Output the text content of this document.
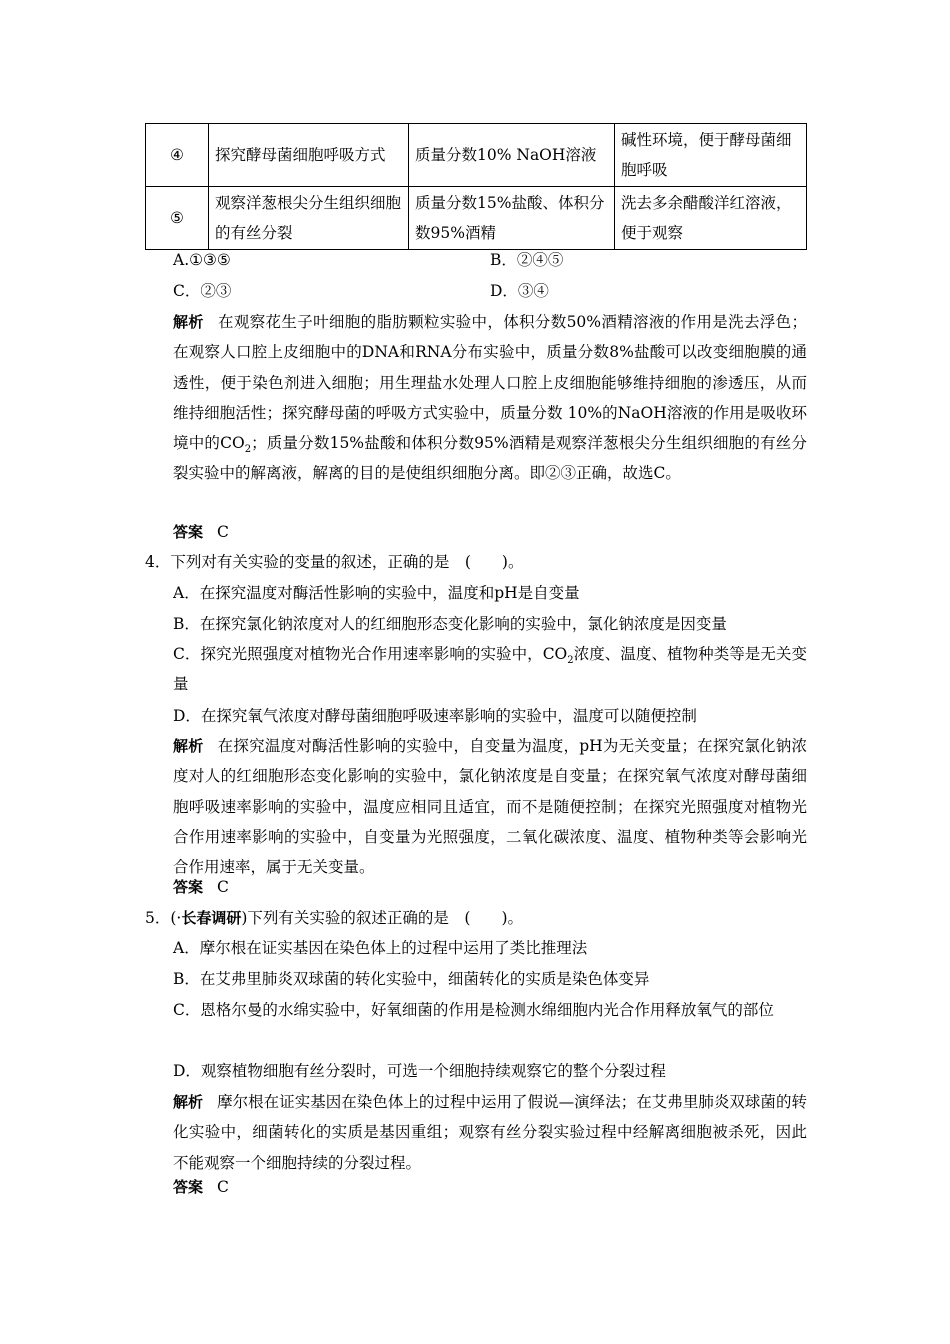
④	探究酵母菌细胞呼吸方式	质量分数10% NaOH溶液	碱性环境，便于酵母菌细胞呼吸
⑤	观察洋葱根尖分生组织细胞的有丝分裂	质量分数15%盐酸、体积分数95%酒精	洗去多余醋酸洋红溶液，便于观察
A.①③⑤	B．②④⑤
C．②③	D．③④
解析 在观察花生子叶细胞的脂肪颗粒实验中，体积分数50%酒精溶液的作用是洗去浮色；在观察人口腔上皮细胞中的DNA和RNA分布实验中，质量分数8%盐酸可以改变细胞膜的通透性，便于染色剂进入细胞；用生理盐水处理人口腔上皮细胞能够维持细胞的渗透压，从而维持细胞活性；探究酵母菌的呼吸方式实验中，质量分数 10%的NaOH溶液的作用是吸收环境中的$CO_2$；质量分数15%盐酸和体积分数95%酒精是观察洋葱根尖分生组织细胞的有丝分裂实验中的解离液，解离的目的是使组织细胞分离。即②③正确，故选C。
答案 C
4．下列对有关实验的变量的叙述，正确的是　(　　)。
A．在探究温度对酶活性影响的实验中，温度和pH是自变量
B．在探究氯化钠浓度对人的红细胞形态变化影响的实验中，氯化钠浓度是因变量
C．探究光照强度对植物光合作用速率影响的实验中，$CO_2$浓度、温度、植物种类等是无关变量
D．在探究氧气浓度对酵母菌细胞呼吸速率影响的实验中，温度可以随便控制
解析 在探究温度对酶活性影响的实验中，自变量为温度，pH为无关变量；在探究氯化钠浓度对人的红细胞形态变化影响的实验中，氯化钠浓度是自变量；在探究氧气浓度对酵母菌细胞呼吸速率影响的实验中，温度应相同且适宜，而不是随便控制；在探究光照强度对植物光合作用速率影响的实验中，自变量为光照强度，二氧化碳浓度、温度、植物种类等会影响光合作用速率，属于无关变量。
答案 C
5．(·长春调研)下列有关实验的叙述正确的是　(　　)。
A．摩尔根在证实基因在染色体上的过程中运用了类比推理法
B．在艾弗里肺炎双球菌的转化实验中，细菌转化的实质是染色体变异
C．恩格尔曼的水绵实验中，好氧细菌的作用是检测水绵细胞内光合作用释放氧气的部位
D．观察植物细胞有丝分裂时，可选一个细胞持续观察它的整个分裂过程
解析 摩尔根在证实基因在染色体上的过程中运用了假说—演绎法；在艾弗里肺炎双球菌的转化实验中，细菌转化的实质是基因重组；观察有丝分裂实验过程中经解离细胞被杀死，因此不能观察一个细胞持续的分裂过程。
答案 C
